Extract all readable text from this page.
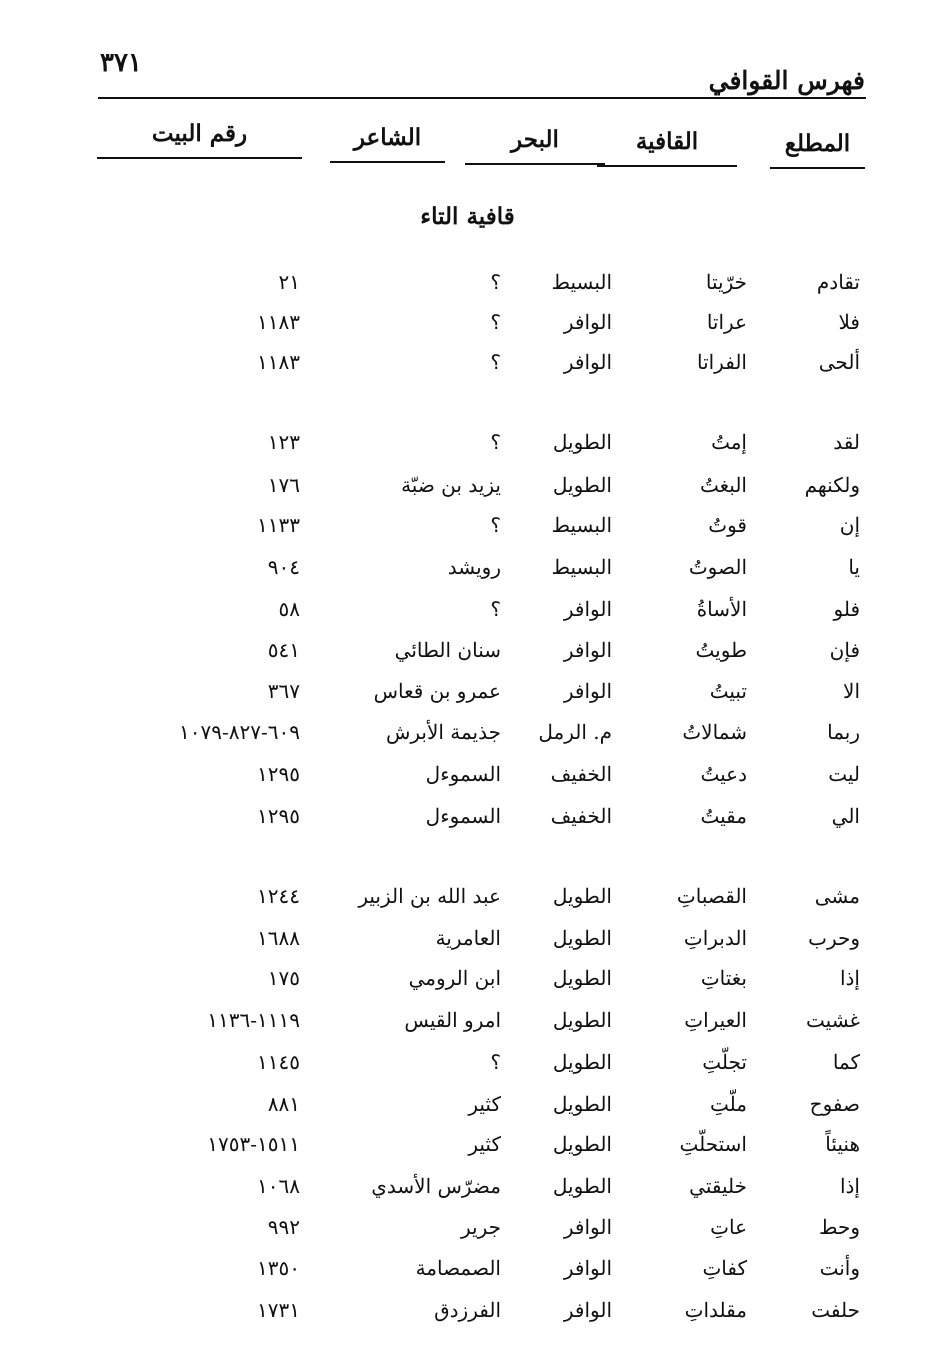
٣٧١
فهرس القوافي
المطلع
القافية
البحر
الشاعر
رقم البيت
قافية التاء
تقادم
خرّيتا
البسيط
؟
٢١
فلا
عراتا
الوافر
؟
١١٨٣
ألحى
الفراتا
الوافر
؟
١١٨٣
لقد
إمتُ
الطويل
؟
١٢٣
ولكنهم
البغتُ
الطويل
يزيد بن ضبّة
١٧٦
إن
قوتُ
البسيط
؟
١١٣٣
يا
الصوتُ
البسيط
رويشد
٩٠٤
فلو
الأساةُ
الوافر
؟
٥٨
فإن
طويتُ
الوافر
سنان الطائي
٥٤١
الا
تبيتُ
الوافر
عمرو بن قعاس
٣٦٧
ربما
شمالاتُ
م. الرمل
جذيمة الأبرش
٦٠٩-٨٢٧-١٠٧٩
ليت
دعيتُ
الخفيف
السموءل
١٢٩٥
الي
مقيتُ
الخفيف
السموءل
١٢٩٥
مشى
القصباتِ
الطويل
عبد الله بن الزبير
١٢٤٤
وحرب
الدبراتِ
الطويل
العامرية
١٦٨٨
إذا
بغتاتِ
الطويل
ابن الرومي
١٧٥
غشيت
العيراتِ
الطويل
امرو القيس
١١١٩-١١٣٦
كما
تجلّتِ
الطويل
؟
١١٤٥
صفوح
ملّتِ
الطويل
كثير
٨٨١
هنيئاً
استحلّتِ
الطويل
كثير
١٥١١-١٧٥٣
إذا
خليقتي
الطويل
مضرّس الأسدي
١٠٦٨
وحط
عاتِ
الوافر
جرير
٩٩٢
وأنت
كفاتِ
الوافر
الصمصامة
١٣٥٠
حلفت
مقلداتِ
الوافر
الفرزدق
١٧٣١
